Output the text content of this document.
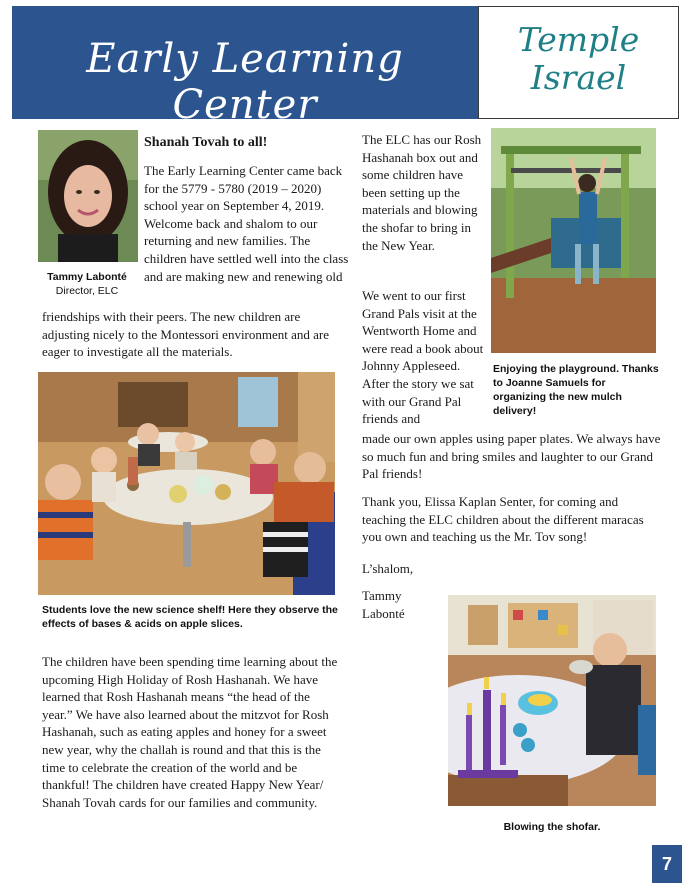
Early Learning Center
Temple
Israel
Tammy Labonté
Director, ELC
Shanah Tovah to all!
The Early Learning Center came back for the 5779 - 5780 (2019 – 2020) school year on September 4, 2019. Welcome back and shalom to our returning and new families. The children have settled well into the class and are making new and renewing old
friendships with their peers. The new children are adjusting nicely to the Montessori environment and are eager to investigate all the materials.
Students love the new science shelf! Here they observe the effects of bases & acids on apple slices.
The children have been spending time learning about the upcoming High Holiday of Rosh Hashanah. We have learned that Rosh Hashanah means “the head of the year.” We have also learned about the mitzvot for Rosh Hashanah, such as eating apples and honey for a sweet new year, why the challah is round and that this is the time to celebrate the creation of the world and be thankful! The children have created Happy New Year/ Shanah Tovah cards for our families and community.
The ELC has our Rosh Hashanah box out and some children have been setting up the materials and blowing the shofar to bring in the New Year.
Enjoying the playground. Thanks to Joanne Samuels for organizing the new mulch delivery!
We went to our first Grand Pals visit at the Wentworth Home and were read a book about Johnny Appleseed. After the story we sat with our Grand Pal friends and
made our own apples using paper plates. We always have so much fun and bring smiles and laughter to our Grand Pal friends!
Thank you, Elissa Kaplan Senter, for coming and teaching the ELC children about the different maracas you own and teaching us the Mr. Tov song!
L’shalom,
Tammy Labonté
Blowing the shofar.
7
